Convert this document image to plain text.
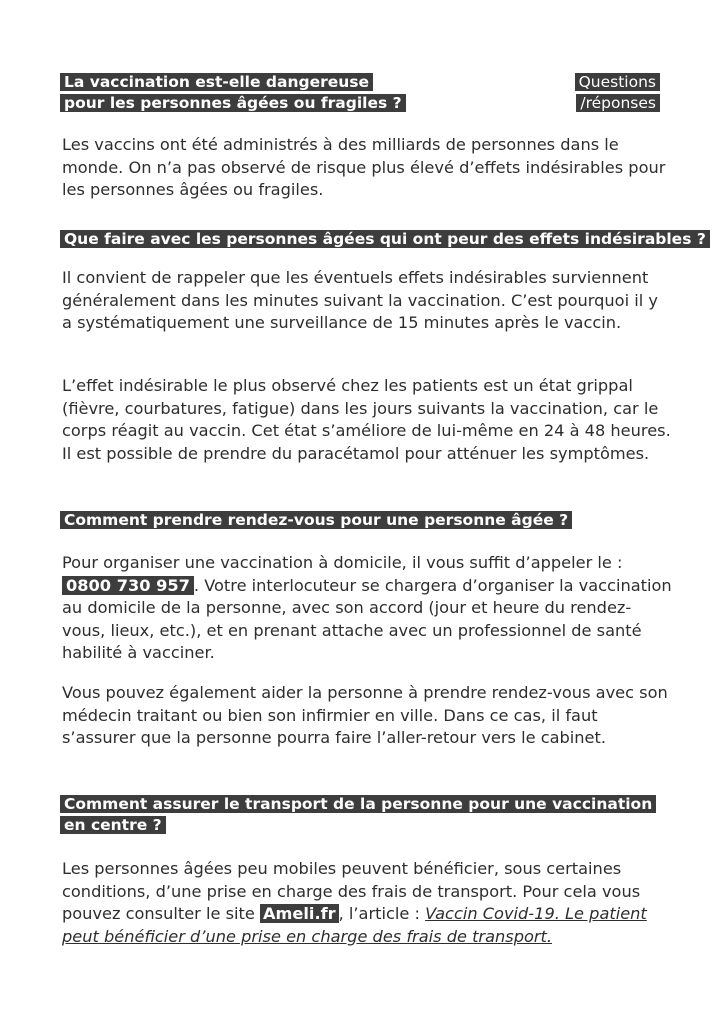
La vaccination est-elle dangereuse
pour les personnes âgées ou fragiles ?
Questions
/réponses

Les vaccins ont été administrés à des milliards de personnes dans le monde. On n’a pas observé de risque plus élevé d’effets indésirables pour les personnes âgées ou fragiles.

Que faire avec les personnes âgées qui ont peur des effets indésirables ?

Il convient de rappeler que les éventuels effets indésirables surviennent généralement dans les minutes suivant la vaccination. C’est pourquoi il y a systématiquement une surveillance de 15 minutes après le vaccin.

L’effet indésirable le plus observé chez les patients est un état grippal (fièvre, courbatures, fatigue) dans les jours suivants la vaccination, car le corps réagit au vaccin. Cet état s’améliore de lui-même en 24 à 48 heures. Il est possible de prendre du paracétamol pour atténuer les symptômes.

Comment prendre rendez-vous pour une personne âgée ?

Pour organiser une vaccination à domicile, il vous suffit d’appeler le : 0800 730 957 . Votre interlocuteur se chargera d’organiser la vaccination au domicile de la personne, avec son accord (jour et heure du rendez-vous, lieux, etc.), et en prenant attache avec un professionnel de santé habilité à vacciner.

Vous pouvez également aider la personne à prendre rendez-vous avec son médecin traitant ou bien son infirmier en ville. Dans ce cas, il faut s’assurer que la personne pourra faire l’aller-retour vers le cabinet.

Comment assurer le transport de la personne pour une vaccination
en centre ?

Les personnes âgées peu mobiles peuvent bénéficier, sous certaines conditions, d’une prise en charge des frais de transport. Pour cela vous pouvez consulter le site Ameli.fr , l’article : Vaccin Covid-19. Le patient peut bénéficier d’une prise en charge des frais de transport.
